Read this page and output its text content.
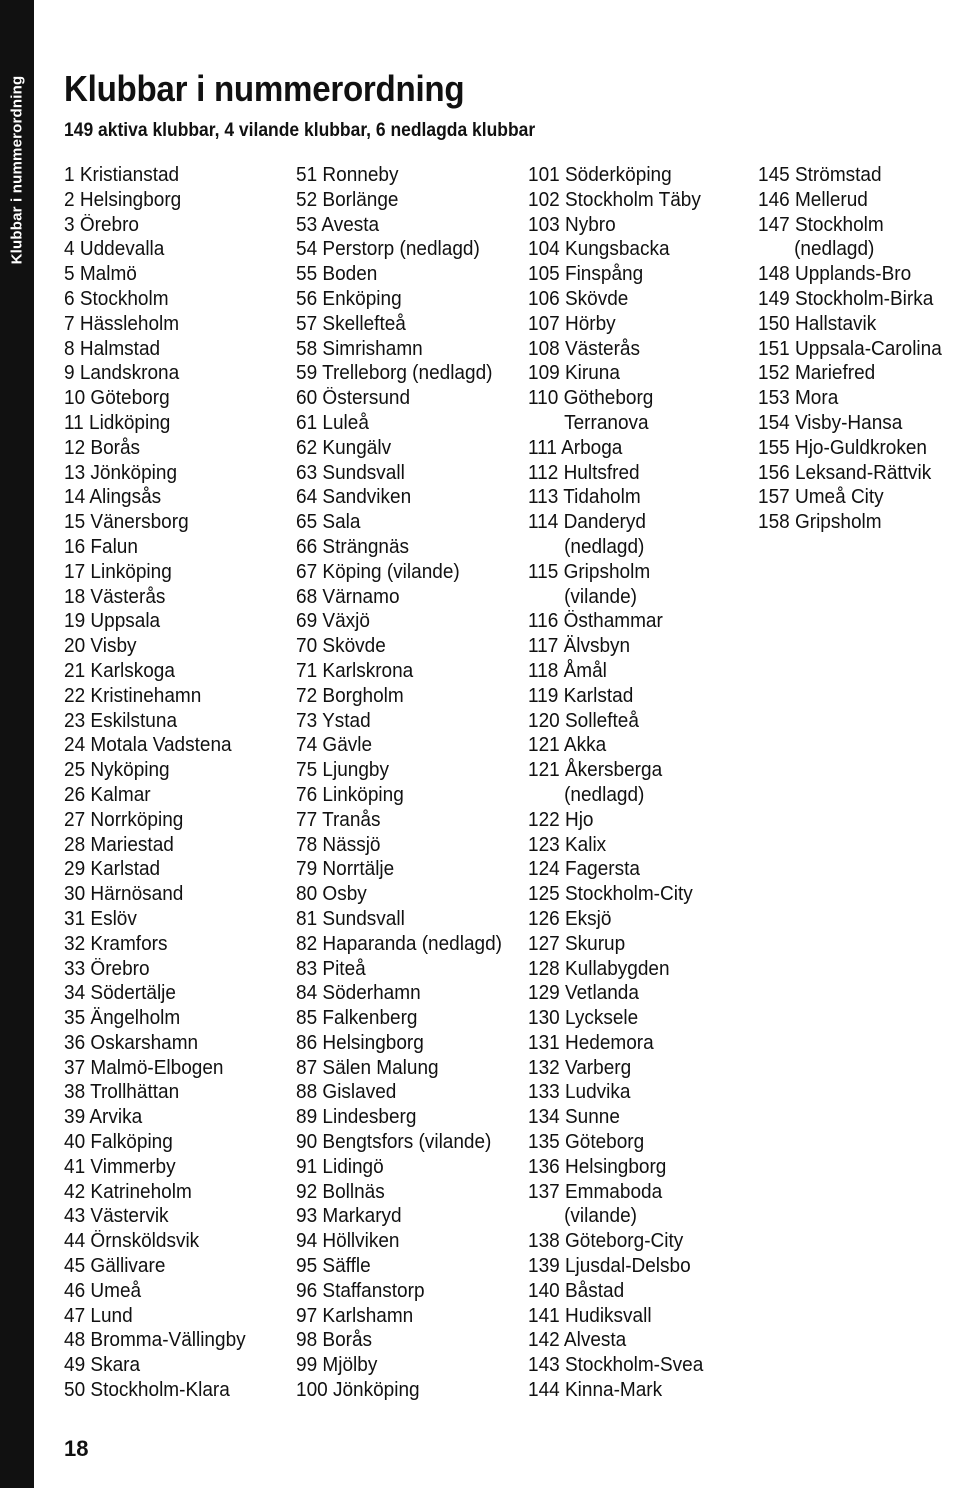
Klubbar i nummerordning Klubbar i nummerordning

149 aktiva klubbar, 4 vilande klubbar, 6 nedlagda klubbar

1 Kristianstad
2 Helsingborg
3 Örebro
4 Uddevalla
5 Malmö
6 Stockholm
7 Hässleholm
8 Halmstad
9 Landskrona
10 Göteborg
11 Lidköping
12 Borås
13 Jönköping
14 Alingsås
15 Vänersborg
16 Falun
17 Linköping
18 Västerås
19 Uppsala
20 Visby
21 Karlskoga
22 Kristinehamn
23 Eskilstuna
24 Motala Vadstena
25 Nyköping
26 Kalmar
27 Norrköping
28 Mariestad
29 Karlstad
30 Härnösand
31 Eslöv
32 Kramfors
33 Örebro
34 Södertälje
35 Ängelholm
36 Oskarshamn
37 Malmö-Elbogen
38 Trollhättan
39 Arvika
40 Falköping
41 Vimmerby
42 Katrineholm
43 Västervik
44 Örnsköldsvik
45 Gällivare
46 Umeå
47 Lund
48 Bromma-Vällingby
49 Skara
50 Stockholm-Klara
51 Ronneby
52 Borlänge
53 Avesta
54 Perstorp (nedlagd)
55 Boden
56 Enköping
57 Skellefteå
58 Simrishamn
59 Trelleborg (nedlagd)
60 Östersund
61 Luleå
62 Kungälv
63 Sundsvall
64 Sandviken
65 Sala
66 Strängnäs
67 Köping (vilande)
68 Värnamo
69 Växjö
70 Skövde
71 Karlskrona
72 Borgholm
73 Ystad
74 Gävle
75 Ljungby
76 Linköping
77 Tranås
78 Nässjö
79 Norrtälje
80 Osby
81 Sundsvall
82 Haparanda (nedlagd)
83 Piteå
84 Söderhamn
85 Falkenberg
86 Helsingborg
87 Sälen Malung
88 Gislaved
89 Lindesberg
90 Bengtsfors (vilande)
91 Lidingö
92 Bollnäs
93 Markaryd
94 Höllviken
95 Säffle
96 Staffanstorp
97 Karlshamn
98 Borås
99 Mjölby
100 Jönköping
101 Söderköping
102 Stockholm Täby
103 Nybro
104 Kungsbacka
105 Finspång
106 Skövde
107 Hörby
108 Västerås
109 Kiruna
110 Götheborg
Terranova
111 Arboga
112 Hultsfred
113 Tidaholm
114 Danderyd
(nedlagd)
115 Gripsholm
(vilande)
116 Östhammar
117 Älvsbyn
118 Åmål
119 Karlstad
120 Sollefteå
121 Akka
121 Åkersberga
(nedlagd)
122 Hjo
123 Kalix
124 Fagersta
125 Stockholm-City
126 Eksjö
127 Skurup
128 Kullabygden
129 Vetlanda
130 Lycksele
131 Hedemora
132 Varberg
133 Ludvika
134 Sunne
135 Göteborg
136 Helsingborg
137 Emmaboda
(vilande)
138 Göteborg-City
139 Ljusdal-Delsbo
140 Båstad
141 Hudiksvall
142 Alvesta
143 Stockholm-Svea
144 Kinna-Mark
145 Strömstad
146 Mellerud
147 Stockholm
(nedlagd)
148 Upplands-Bro
149 Stockholm-Birka
150 Hallstavik
151 Uppsala-Carolina
152 Mariefred
153 Mora
154 Visby-Hansa
155 Hjo-Guldkroken
156 Leksand-Rättvik
157 Umeå City
158 Gripsholm
18
